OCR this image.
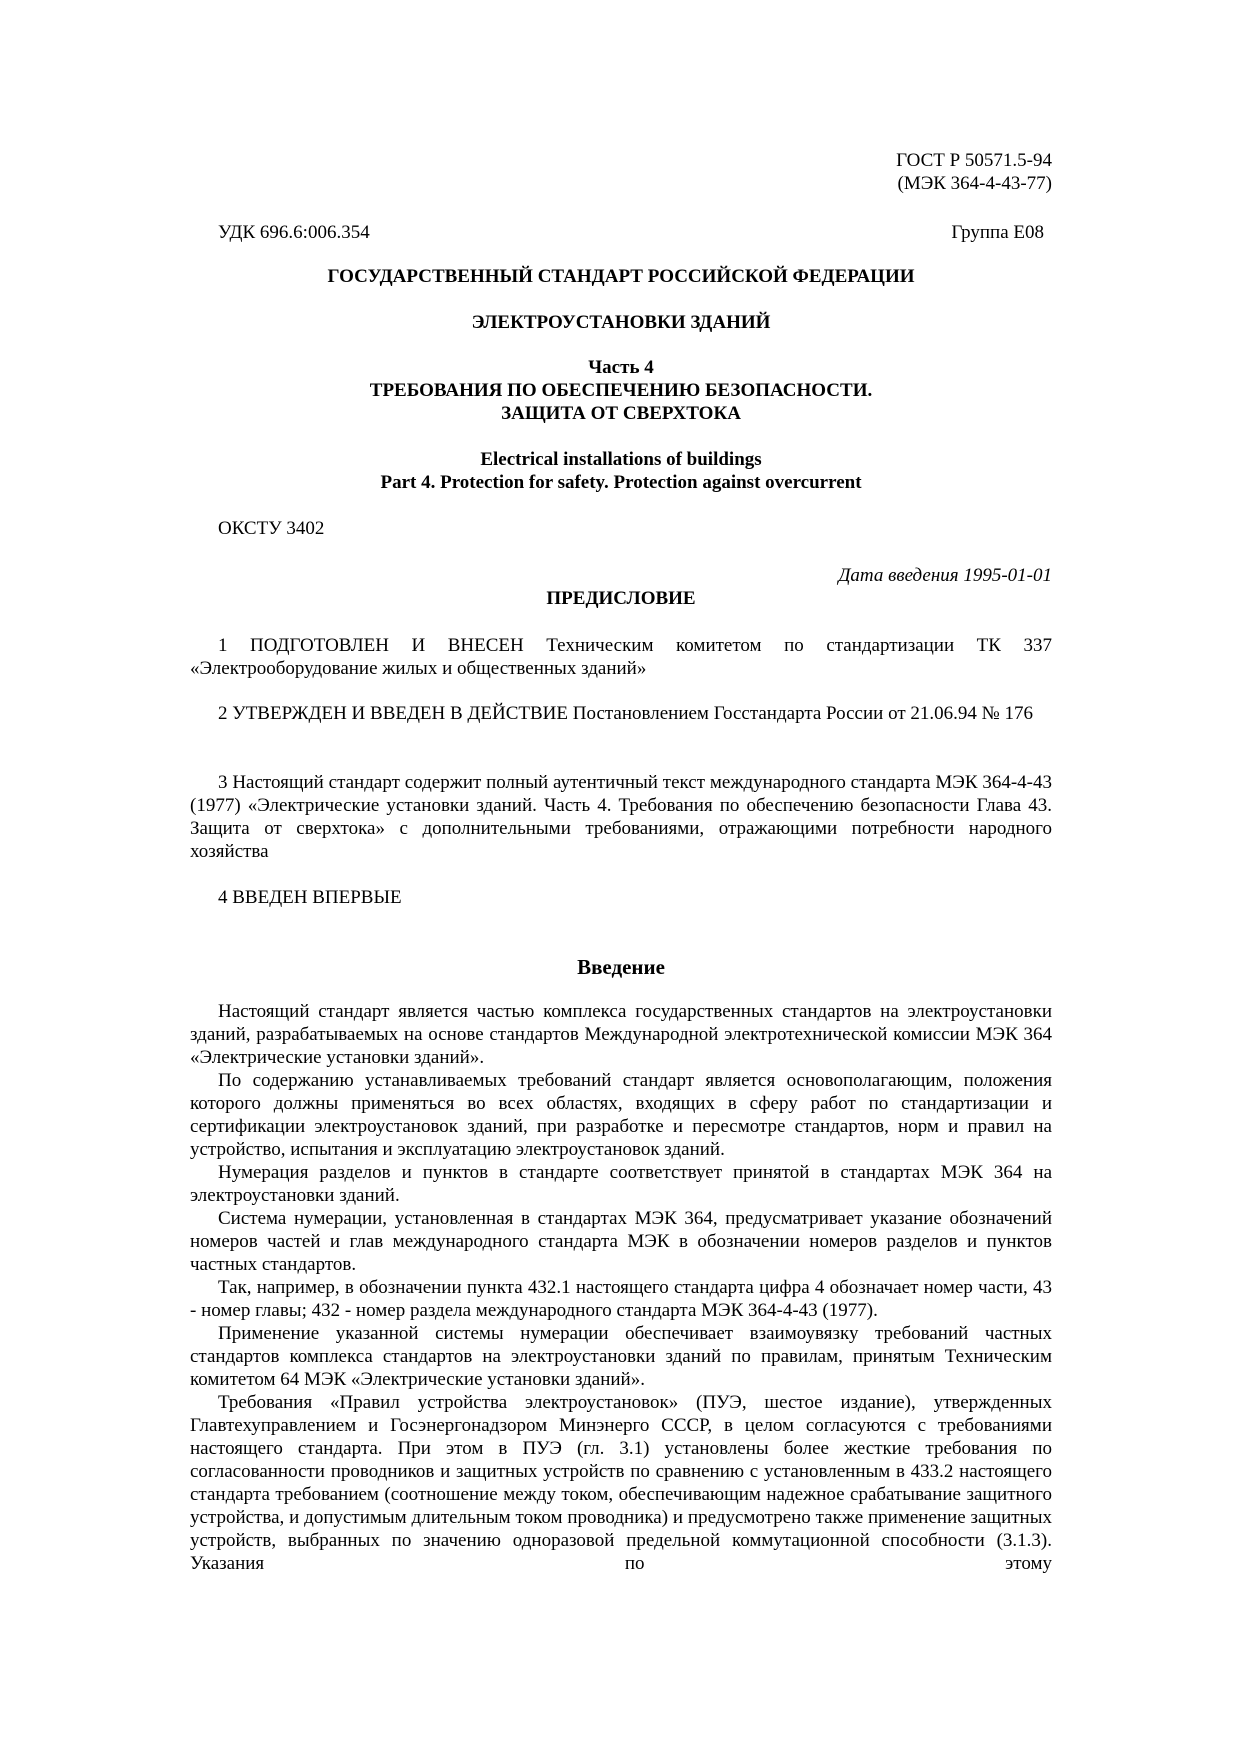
ГОСТ Р 50571.5-94
(МЭК 364-4-43-77)
УДК 696.6:006.354	Группа Е08
ГОСУДАРСТВЕННЫЙ СТАНДАРТ РОССИЙСКОЙ ФЕДЕРАЦИИ
ЭЛЕКТРОУСТАНОВКИ ЗДАНИЙ
Часть 4
ТРЕБОВАНИЯ ПО ОБЕСПЕЧЕНИЮ БЕЗОПАСНОСТИ.
ЗАЩИТА ОТ СВЕРХТОКА
Electrical installations of buildings
Part 4. Protection for safety. Protection against overcurrent
ОКСТУ 3402
Дата введения 1995-01-01
ПРЕДИСЛОВИЕ
1 ПОДГОТОВЛЕН И ВНЕСЕН Техническим комитетом по стандартизации ТК 337 «Электрооборудование жилых и общественных зданий»
2 УТВЕРЖДЕН И ВВЕДЕН В ДЕЙСТВИЕ Постановлением Госстандарта России от 21.06.94 № 176
3 Настоящий стандарт содержит полный аутентичный текст международного стандарта МЭК 364-4-43 (1977) «Электрические установки зданий. Часть 4. Требования по обеспечению безопасности Глава 43. Защита от сверхтока» с дополнительными требованиями, отражающими потребности народного хозяйства
4 ВВЕДЕН ВПЕРВЫЕ
Введение

Настоящий стандарт является частью комплекса государственных стандартов на электроустановки зданий, разрабатываемых на основе стандартов Международной электротехнической комиссии МЭК 364 «Электрические установки зданий».

По содержанию устанавливаемых требований стандарт является основополагающим, положения которого должны применяться во всех областях, входящих в сферу работ по стандартизации и сертификации электроустановок зданий, при разработке и пересмотре стандартов, норм и правил на устройство, испытания и эксплуатацию электроустановок зданий.

Нумерация разделов и пунктов в стандарте соответствует принятой в стандартах МЭК 364 на электроустановки зданий.

Система нумерации, установленная в стандартах МЭК 364, предусматривает указание обозначений номеров частей и глав международного стандарта МЭК в обозначении номеров разделов и пунктов частных стандартов.

Так, например, в обозначении пункта 432.1 настоящего стандарта цифра 4 обозначает номер части, 43 - номер главы; 432 - номер раздела международного стандарта МЭК 364-4-43 (1977).

Применение указанной системы нумерации обеспечивает взаимоувязку требований частных стандартов комплекса стандартов на электроустановки зданий по правилам, принятым Техническим комитетом 64 МЭК «Электрические установки зданий».

Требования «Правил устройства электроустановок» (ПУЭ, шестое издание), утвержденных Главтехуправлением и Госэнергонадзором Минэнерго СССР, в целом согласуются с требованиями настоящего стандарта. При этом в ПУЭ (гл. 3.1) установлены более жесткие требования по согласованности проводников и защитных устройств по сравнению с установленным в 433.2 настоящего стандарта требованием (соотношение между током, обеспечивающим надежное срабатывание защитного устройства, и допустимым длительным током проводника) и предусмотрено также применение защитных устройств, выбранных по значению одноразовой предельной коммутационной способности (3.1.3). Указания по этому
